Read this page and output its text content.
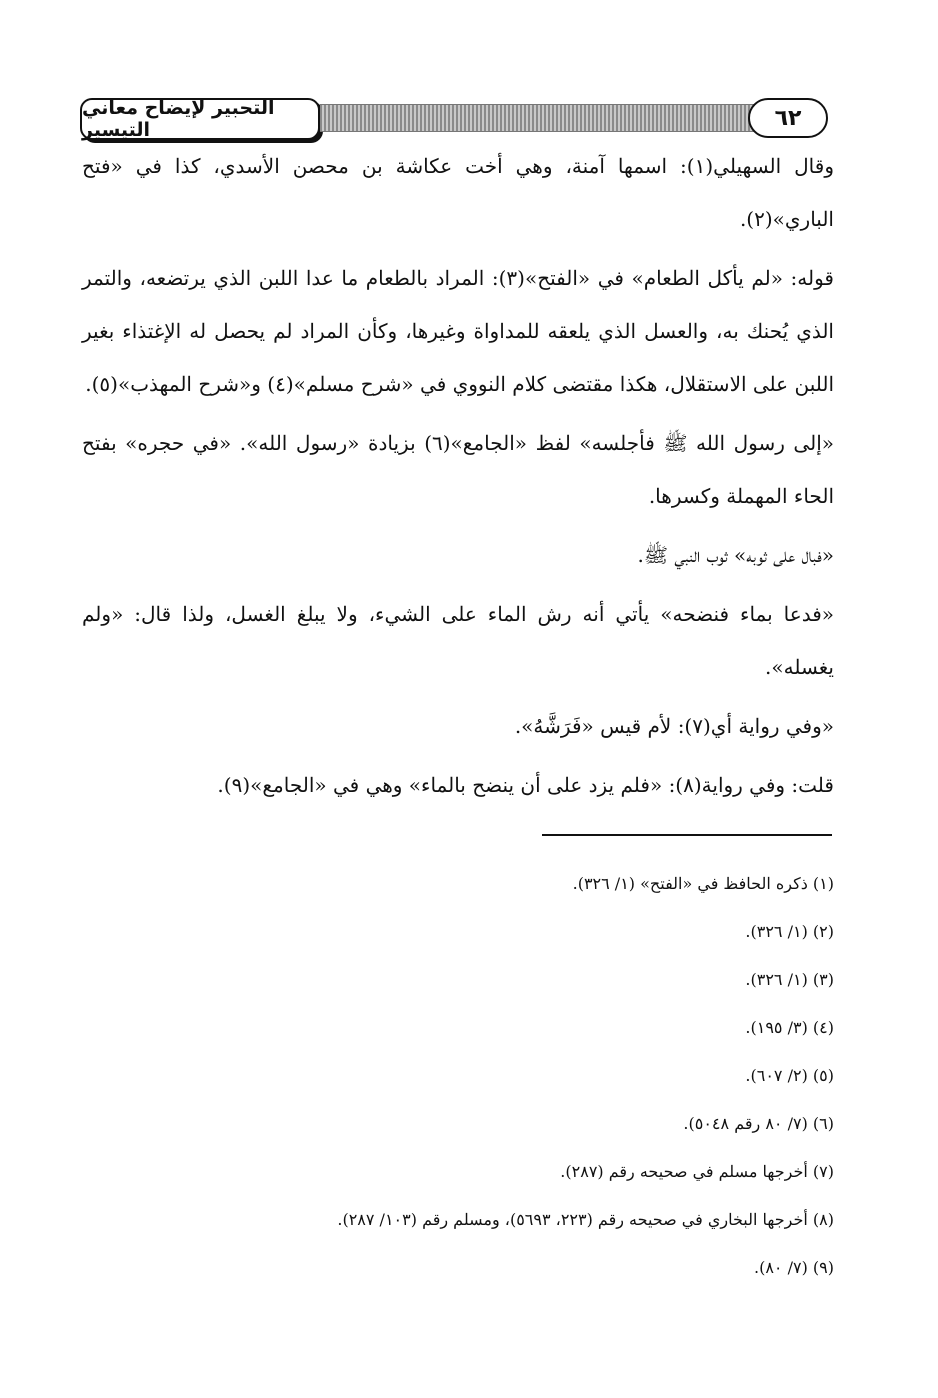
التحبير لإيضاح معاني التيسير	٦٢

وقال السهيلي(١): اسمها آمنة، وهي أخت عكاشة بن محصن الأسدي، كذا في «فتح الباري»(٢).

قوله: «لم يأكل الطعام» في «الفتح»(٣): المراد بالطعام ما عدا اللبن الذي يرتضعه، والتمر الذي يُحنك به، والعسل الذي يلعقه للمداواة وغيرها، وكأن المراد لم يحصل له الإغتذاء بغير اللبن على الاستقلال، هكذا مقتضى كلام النووي في «شرح مسلم»(٤) و«شرح المهذب»(٥).

«إلى رسول الله ﷺ فأجلسه» لفظ «الجامع»(٦) بزيادة «رسول الله». «في حجره» بفتح الحاء المهملة وكسرها.

«فبال على ثوبه» ثوب النبي ﷺ.

«فدعا بماء فنضحه» يأتي أنه رش الماء على الشيء، ولا يبلغ الغسل، ولذا قال: «ولم يغسله».

«وفي رواية أي(٧): لأم قيس «فَرَشَّهُ».

قلت: وفي رواية(٨): «فلم يزد على أن ينضح بالماء» وهي في «الجامع»(٩).

(١) ذكره الحافظ في «الفتح» (١/ ٣٢٦).
(٢) (١/ ٣٢٦).
(٣) (١/ ٣٢٦).
(٤) (٣/ ١٩٥).
(٥) (٢/ ٦٠٧).
(٦) (٧/ ٨٠ رقم ٥٠٤٨).
(٧) أخرجها مسلم في صحيحه رقم (٢٨٧).
(٨) أخرجها البخاري في صحيحه رقم (٢٢٣، ٥٦٩٣)، ومسلم رقم (١٠٣/ ٢٨٧).
(٩) (٧/ ٨٠).
